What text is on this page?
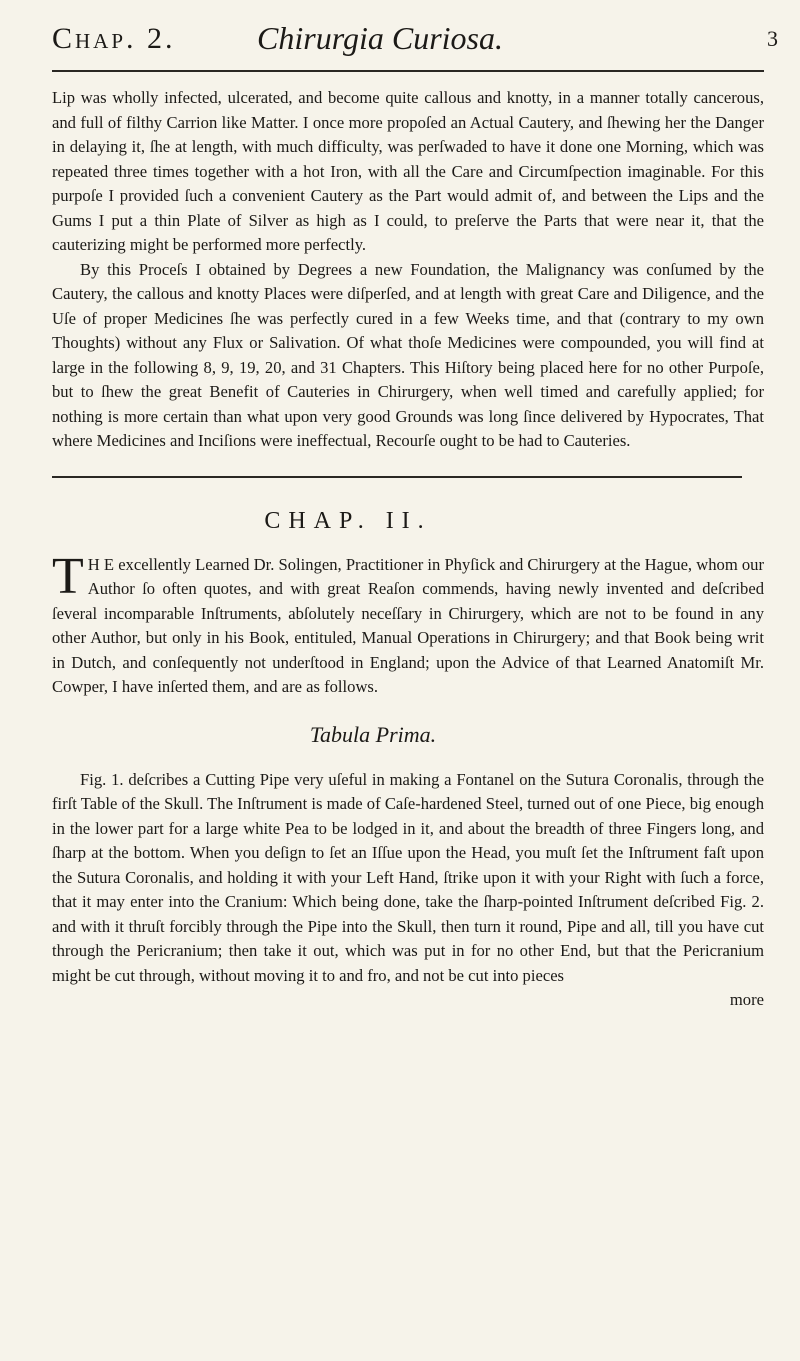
Chap. 2.	Chirurgia Curiosa.	3

Lip was wholly infected, ulcerated, and become quite callous and knotty, in a manner totally cancerous, and full of filthy Carrion like Matter. I once more propoſed an Actual Cautery, and ſhewing her the Danger in delaying it, ſhe at length, with much difficulty, was perſwaded to have it done one Morning, which was repeated three times together with a hot Iron, with all the Care and Circumſpection imaginable. For this purpoſe I provided ſuch a convenient Cautery as the Part would admit of, and between the Lips and the Gums I put a thin Plate of Silver as high as I could, to preſerve the Parts that were near it, that the cauterizing might be performed more perfectly.

By this Proceſs I obtained by Degrees a new Foundation, the Malignancy was conſumed by the Cautery, the callous and knotty Places were diſperſed, and at length with great Care and Diligence, and the Uſe of proper Medicines ſhe was perfectly cured in a few Weeks time, and that (contrary to my own Thoughts) without any Flux or Salivation. Of what thoſe Medicines were compounded, you will find at large in the following 8, 9, 19, 20, and 31 Chapters. This Hiſtory being placed here for no other Purpoſe, but to ſhew the great Benefit of Cauteries in Chirurgery, when well timed and carefully applied; for nothing is more certain than what upon very good Grounds was long ſince delivered by Hypocrates, That where Medicines and Inciſions were ineffectual, Recourſe ought to be had to Cauteries.

CHAP. II.
T H E excellently Learned Dr. Solingen, Practitioner in Phyſick and Chirurgery at the Hague, whom our Author ſo often quotes, and with great Reaſon commends, having newly invented and deſcribed ſeveral incomparable Inſtruments, abſolutely neceſſary in Chirurgery, which are not to be found in any other Author, but only in his Book, entituled, Manual Operations in Chirurgery; and that Book being writ in Dutch, and conſequently not underſtood in England; upon the Advice of that Learned Anatomiſt Mr. Cowper, I have inſerted them, and are as follows.

Tabula Prima.

Fig. 1. deſcribes a Cutting Pipe very uſeful in making a Fontanel on the Sutura Coronalis, through the firſt Table of the Skull. The Inſtrument is made of Caſe-hardened Steel, turned out of one Piece, big enough in the lower part for a large white Pea to be lodged in it, and about the breadth of three Fingers long, and ſharp at the bottom. When you deſign to ſet an Iſſue upon the Head, you muſt ſet the Inſtrument faſt upon the Sutura Coronalis, and holding it with your Left Hand, ſtrike upon it with your Right with ſuch a force, that it may enter into the Cranium: Which being done, take the ſharp-pointed Inſtrument deſcribed Fig. 2. and with it thruſt forcibly through the Pipe into the Skull, then turn it round, Pipe and all, till you have cut through the Pericranium; then take it out, which was put in for no other End, but that the Pericranium might be cut through, without moving it to and fro, and not be cut into pieces

more
